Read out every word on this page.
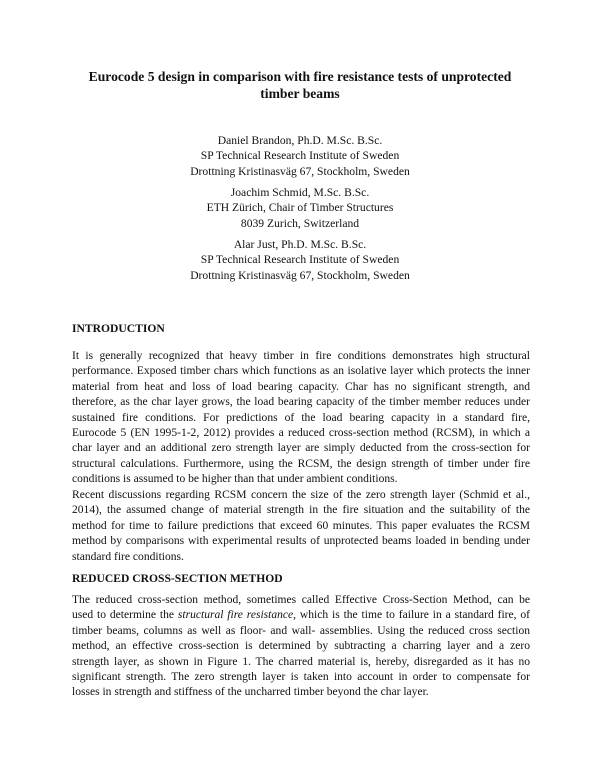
Eurocode 5 design in comparison with fire resistance tests of unprotected
timber beams
Daniel Brandon, Ph.D. M.Sc. B.Sc.
SP Technical Research Institute of Sweden
Drottning Kristinasväg 67, Stockholm, Sweden
Joachim Schmid, M.Sc. B.Sc.
ETH Zürich, Chair of Timber Structures
8039 Zurich, Switzerland
Alar Just, Ph.D. M.Sc. B.Sc.
SP Technical Research Institute of Sweden
Drottning Kristinasväg 67, Stockholm, Sweden
INTRODUCTION
It is generally recognized that heavy timber in fire conditions demonstrates high structural
performance. Exposed timber chars which functions as an isolative layer which protects the inner
material from heat and loss of load bearing capacity. Char has no significant strength, and
therefore, as the char layer grows, the load bearing capacity of the timber member reduces under
sustained fire conditions. For predictions of the load bearing capacity in a standard fire,
Eurocode 5 (EN 1995-1-2, 2012) provides a reduced cross-section method (RCSM), in which a
char layer and an additional zero strength layer are simply deducted from the cross-section for
structural calculations. Furthermore, using the RCSM, the design strength of timber under fire
conditions is assumed to be higher than that under ambient conditions.
Recent discussions regarding RCSM concern the size of the zero strength layer (Schmid et al.,
2014), the assumed change of material strength in the fire situation and the suitability of the
method for time to failure predictions that exceed 60 minutes. This paper evaluates the RCSM
method by comparisons with experimental results of unprotected beams loaded in bending under
standard fire conditions.
REDUCED CROSS-SECTION METHOD
The reduced cross-section method, sometimes called Effective Cross-Section Method, can be
used to determine the structural fire resistance, which is the time to failure in a standard fire, of
timber beams, columns as well as floor- and wall- assemblies. Using the reduced cross section
method, an effective cross-section is determined by subtracting a charring layer and a zero
strength layer, as shown in Figure 1. The charred material is, hereby, disregarded as it has no
significant strength. The zero strength layer is taken into account in order to compensate for
losses in strength and stiffness of the uncharred timber beyond the char layer.
